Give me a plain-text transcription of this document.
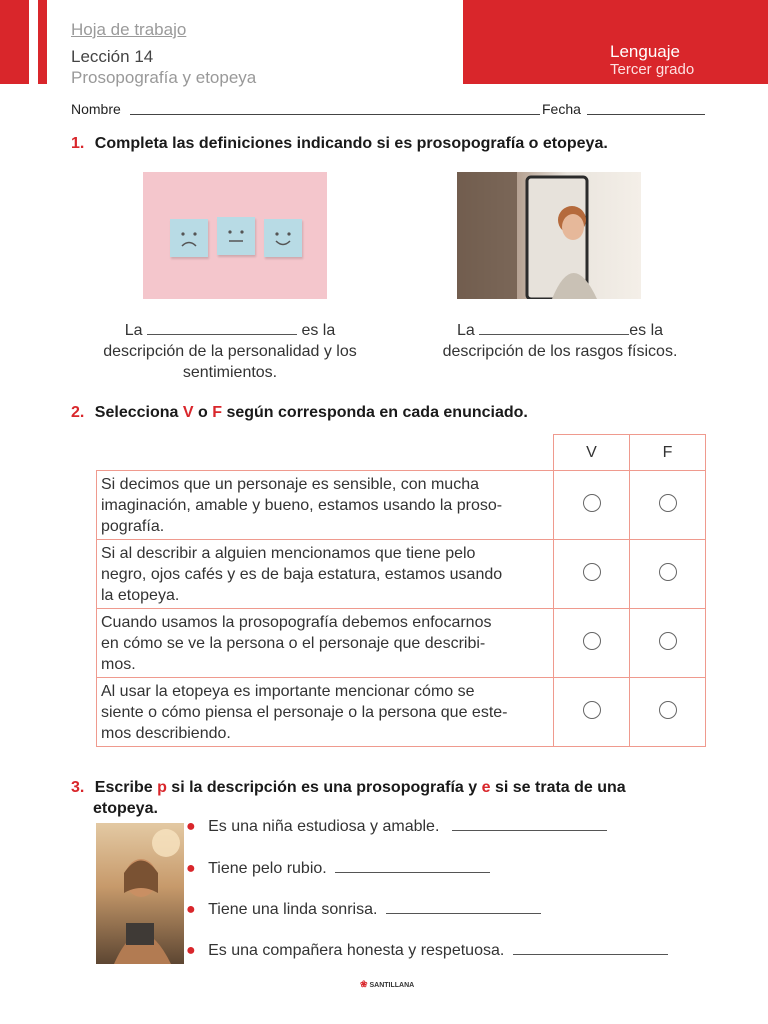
Hoja de trabajo
Lección 14
Prosopografía y etopeya
Lenguaje
Tercer grado
Nombre	Fecha
1. Completa las definiciones indicando si es prosopografía o etopeya.
La	es la
descripción de la personalidad y los
sentimientos.
La	es la
descripción de los rasgos físicos.
2. Selecciona V o F según corresponda en cada enunciado.
	V	F

Si decimos que un personaje es sensible, con mucha
imaginación, amable y bueno, estamos usando la proso-
pografía.		

Si al describir a alguien mencionamos que tiene pelo
negro, ojos cafés y es de baja estatura, estamos usando
la etopeya.		

Cuando usamos la prosopografía debemos enfocarnos
en cómo se ve la persona o el personaje que describi-
mos.		

Al usar la etopeya es importante mencionar cómo se
siente o cómo piensa el personaje o la persona que este-
mos describiendo.		

3. Escribe p si la descripción es una prosopografía y e si se trata de una
etopeya.
● Es una niña estudiosa y amable.
● Tiene pelo rubio.
● Tiene una linda sonrisa.
● Es una compañera honesta y respetuosa.
❀ SANTILLANA
